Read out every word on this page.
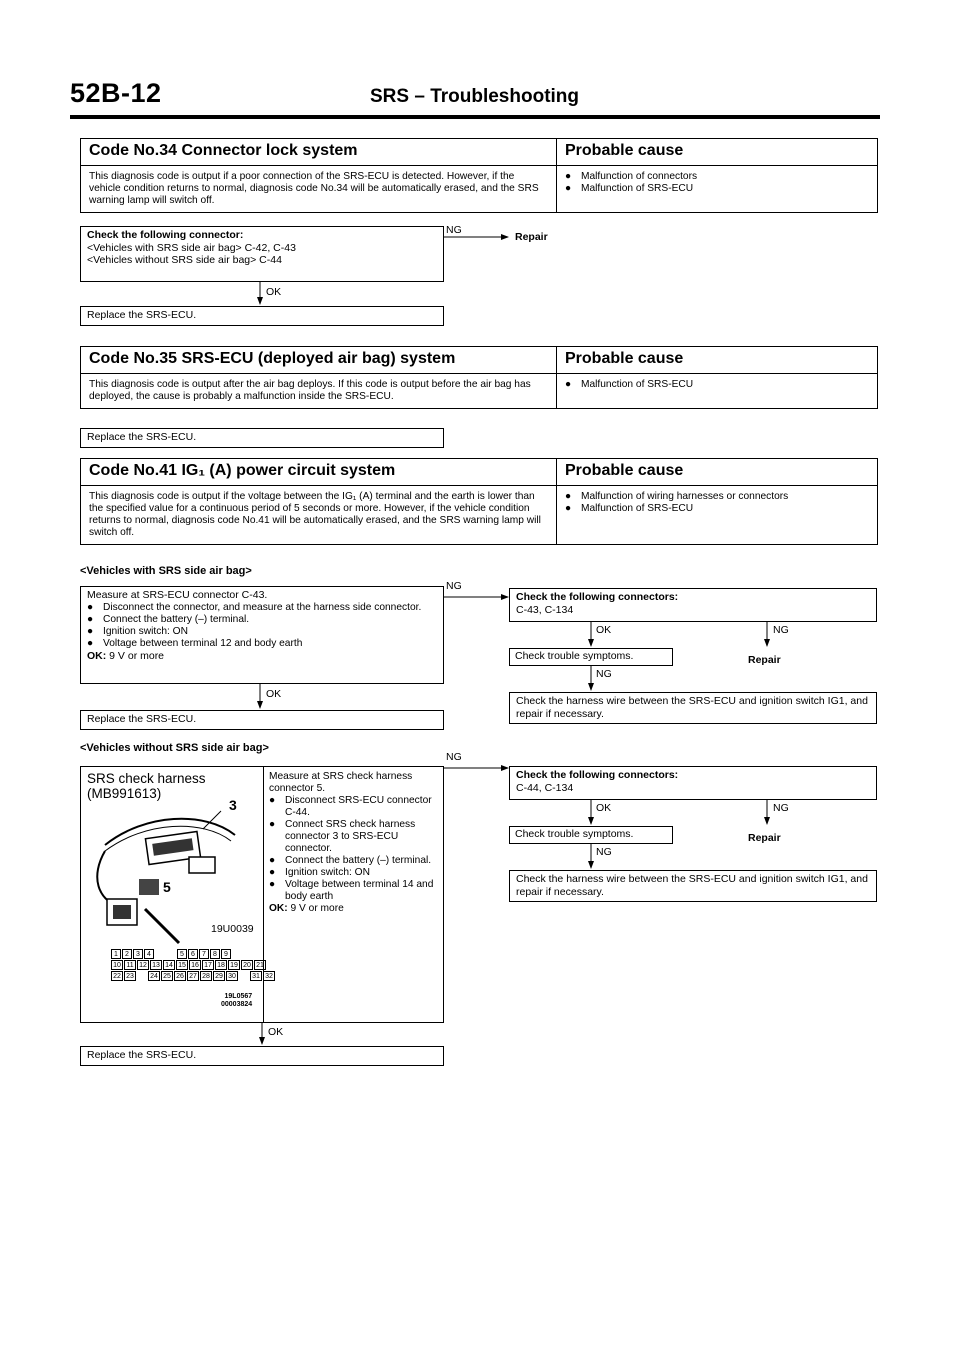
52B-12	SRS – Troubleshooting
Code No.34 Connector lock system	Probable cause
This diagnosis code is output if a poor connection of the SRS-ECU is detected. However, if the vehicle condition returns to normal, diagnosis code No.34 will be automatically erased, and the SRS warning lamp will switch off.
● Malfunction of connectors
● Malfunction of SRS-ECU
Check the following connector:
<Vehicles with SRS side air bag> C-42, C-43
<Vehicles without SRS side air bag> C-44
NG
Repair
OK
Replace the SRS-ECU.
Code No.35 SRS-ECU (deployed air bag) system	Probable cause
This diagnosis code is output after the air bag deploys. If this code is output before the air bag has deployed, the cause is probably a malfunction inside the SRS-ECU.
● Malfunction of SRS-ECU
Replace the SRS-ECU.
Code No.41 IG₁ (A) power circuit system	Probable cause
This diagnosis code is output if the voltage between the IG₁ (A) terminal and the earth is lower than the specified value for a continuous period of 5 seconds or more. However, if the vehicle condition returns to normal, diagnosis code No.41 will be automatically erased, and the SRS warning lamp will switch off.
● Malfunction of wiring harnesses or connectors
● Malfunction of SRS-ECU
<Vehicles with SRS side air bag>
Measure at SRS-ECU connector C-43.
● Disconnect the connector, and measure at the harness side connector.
● Connect the battery (–) terminal.
● Ignition switch: ON
● Voltage between terminal 12 and body earth
OK: 9 V or more
NG
OK
Replace the SRS-ECU.
Check the following connectors:
C-43, C-134
OK	NG
Check trouble symptoms.	Repair
NG
Check the harness wire between the SRS-ECU and ignition switch IG1, and repair if necessary.
<Vehicles without SRS side air bag>
SRS check harness
(MB991613)
3
5
19U0039
1	2	3	4	5	6	7	8	9
10 11 12 13 14 15 16 17 18 19 20 21
22 23	24 25 26 27 28 29 30	31 32
19L0567
00003824
Measure at SRS check harness connector 5.
● Disconnect SRS-ECU connector C-44.
● Connect SRS check harness connector 3 to SRS-ECU connector.
● Connect the battery (–) terminal.
● Ignition switch: ON
● Voltage between terminal 14 and body earth
OK: 9 V or more
NG
OK
Replace the SRS-ECU.
Check the following connectors:
C-44, C-134
OK	NG
Check trouble symptoms.	Repair
NG
Check the harness wire between the SRS-ECU and ignition switch IG1, and repair if necessary.
